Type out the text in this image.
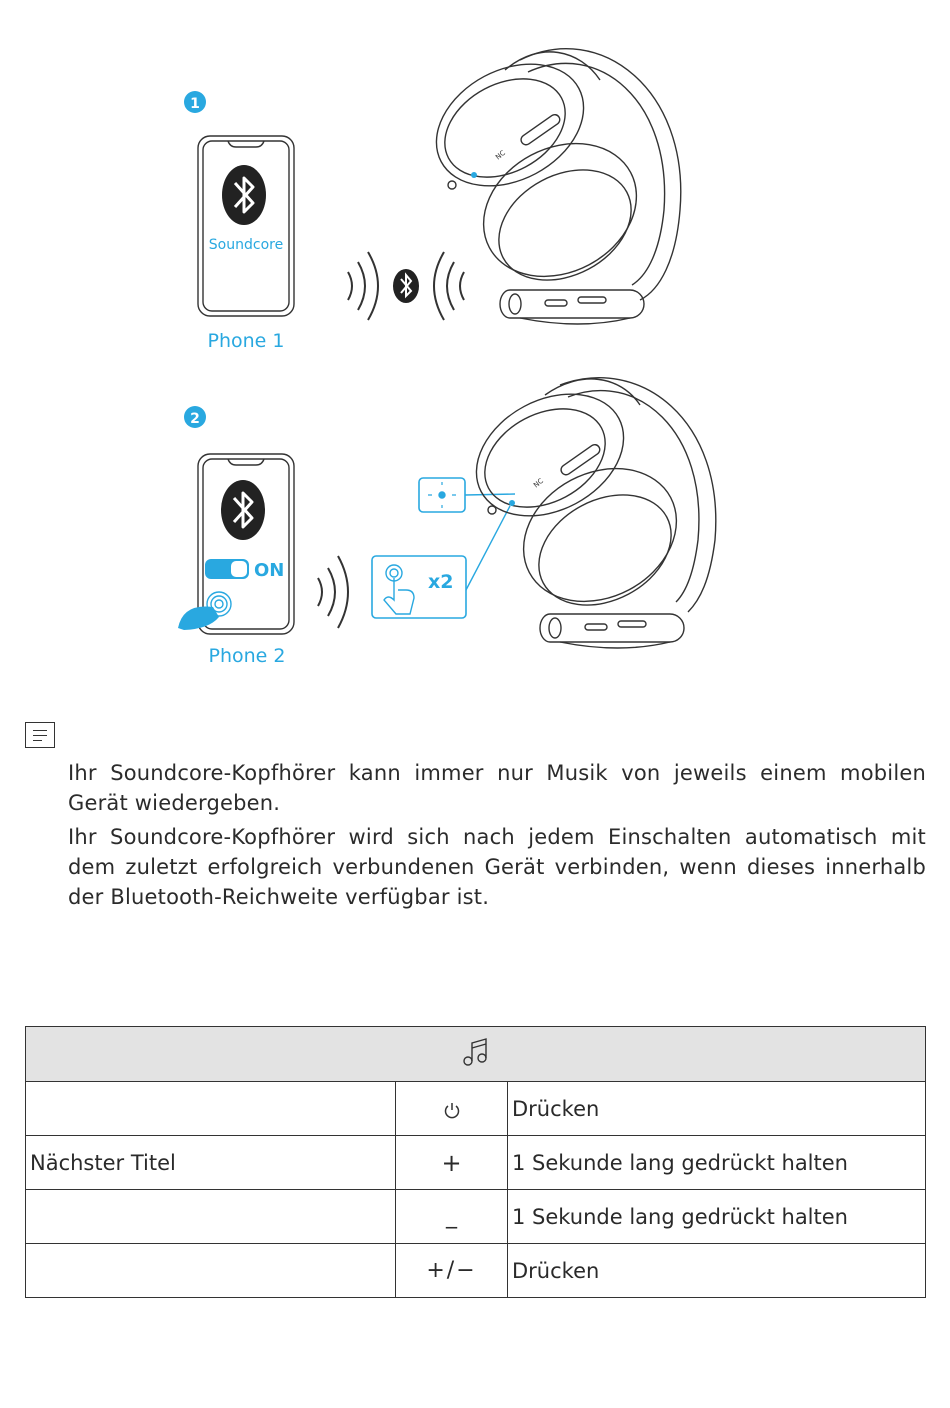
1
Soundcore
Phone 1
NC
2
ON
Phone 2
x2
NC

Ihr Soundcore-Kopfhörer kann immer nur Musik von jeweils einem mobilen Gerät wiedergeben.

Ihr Soundcore-Kopfhörer wird sich nach jedem Einschalten automatisch mit dem zuletzt erfolgreich verbundenen Gerät verbinden, wenn dieses innerhalb der Bluetooth-Reichweite verfügbar ist.

		Drücken
Nächster Titel	+	1 Sekunde lang gedrückt halten
	_	1 Sekunde lang gedrückt halten
	+/−	Drücken
